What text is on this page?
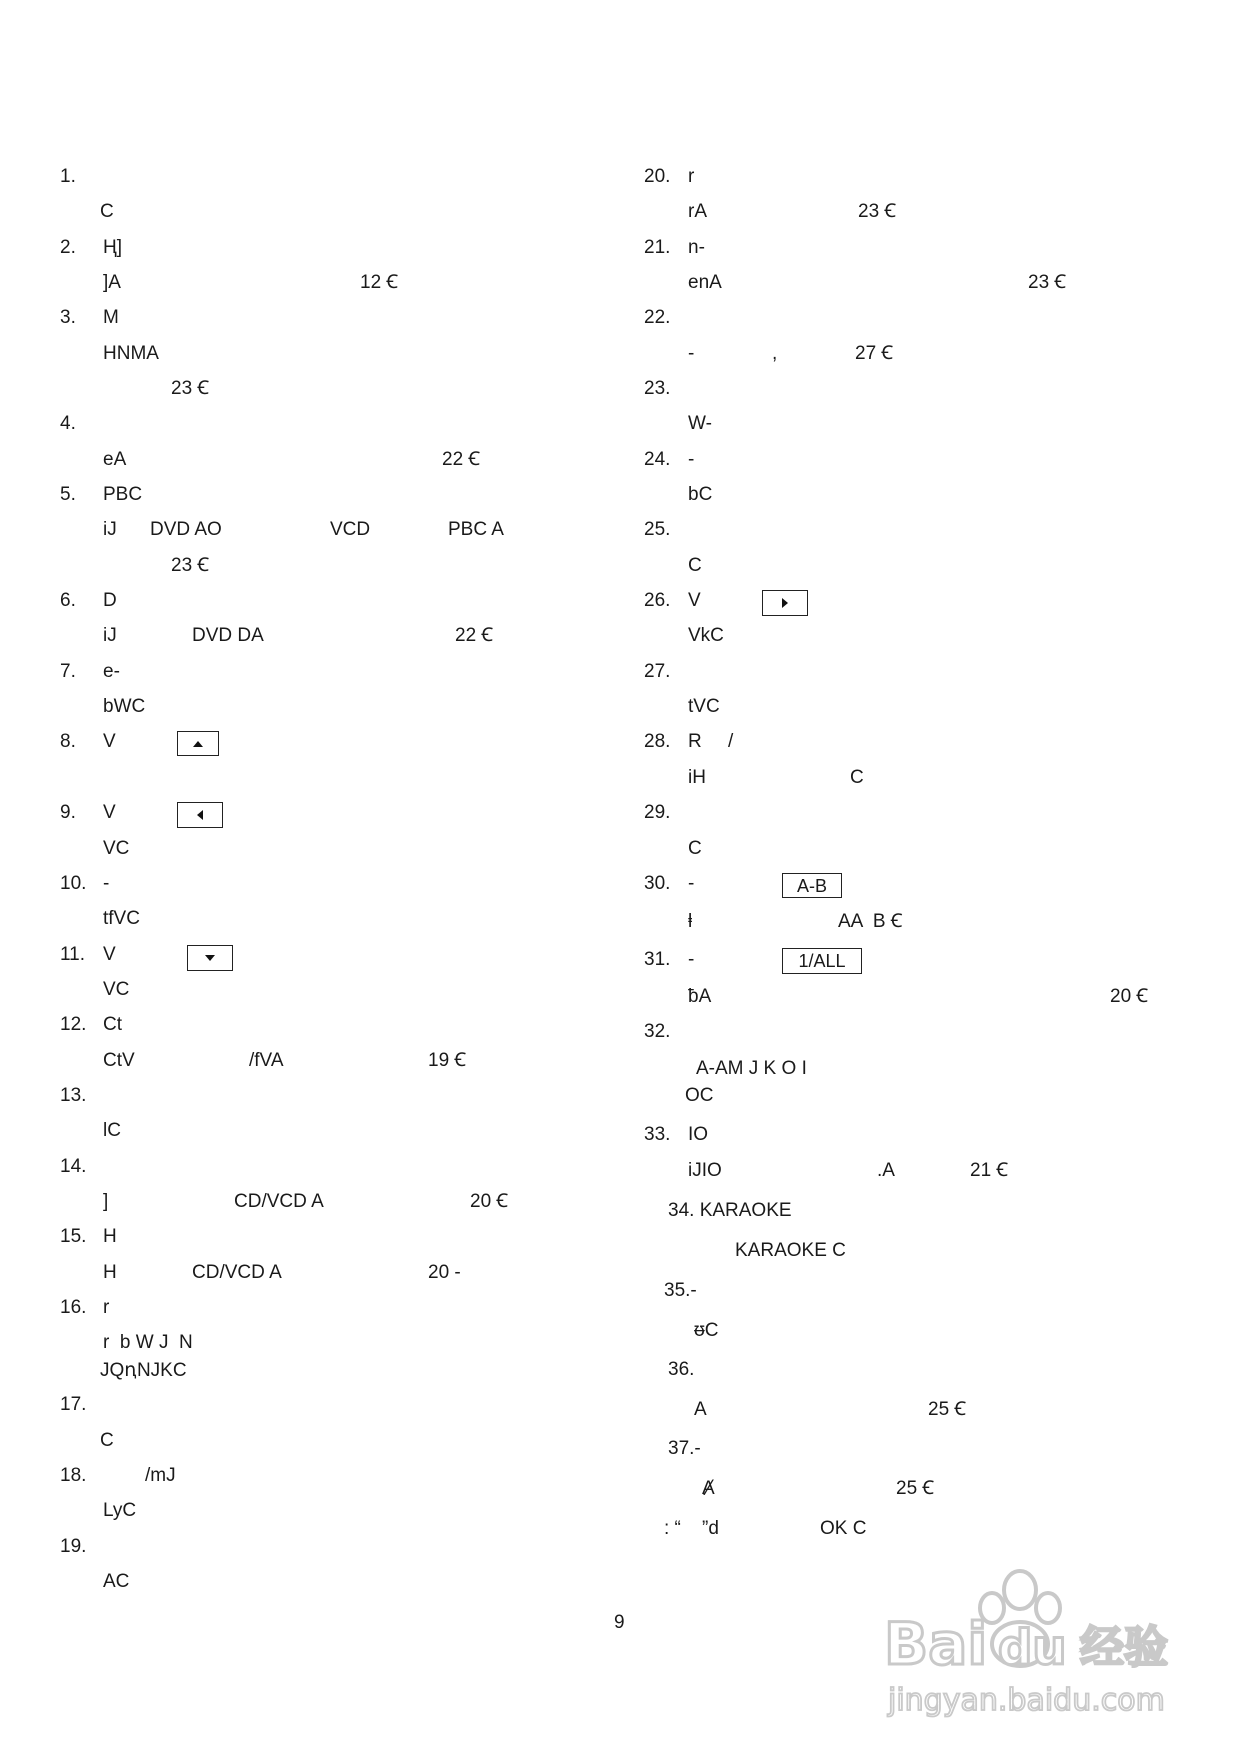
1.
C
2. Ⱨ]
]A	12 Ꞓ
3. M
HNMA
23 Ꞓ
4.
eA	22 Ꞓ
5. PBC
iJ DVD AO	VCD	PBC A
23 Ꞓ
6. D
iJ	DVD DA	22 Ꞓ
7. e-
bWC
8. V
9. V
VC
10. -
tfVC
11. V
VC
12. Ct
CtV	/fVA	19 Ꞓ
13.
lC
14.
]	CD/VCD A	20 Ꞓ
15. H
H	CD/VCD A	20 -
16. r
r  b W J  N
JQꞑNJKC
17.
C
18.	/mJ
LyC
19.
AC
20. r
rA	23 Ꞓ
21. n-
enA	23 Ꞓ
22.
-	,	27 Ꞓ
23.
W-
24. -
bC
25.
C
26. V
VkC
27.
tVC
28. R /
iH	C
29.
C
30. -	A-B
ⱡ	AA  B Ꞓ
31. -	1/ALL
ƀA	20 Ꞓ
32.
A-AM J K O I
OC
33. IO
iJIO	.A	21 Ꞓ
34. KARAOKE
KARAOKE C
35.-
ᵿC
36.
A	25 Ꞓ
37.-
Ⱥ	25 Ꞓ
: “ ”d	OK C
9	Bai du 经验
jingyan.baidu.com
